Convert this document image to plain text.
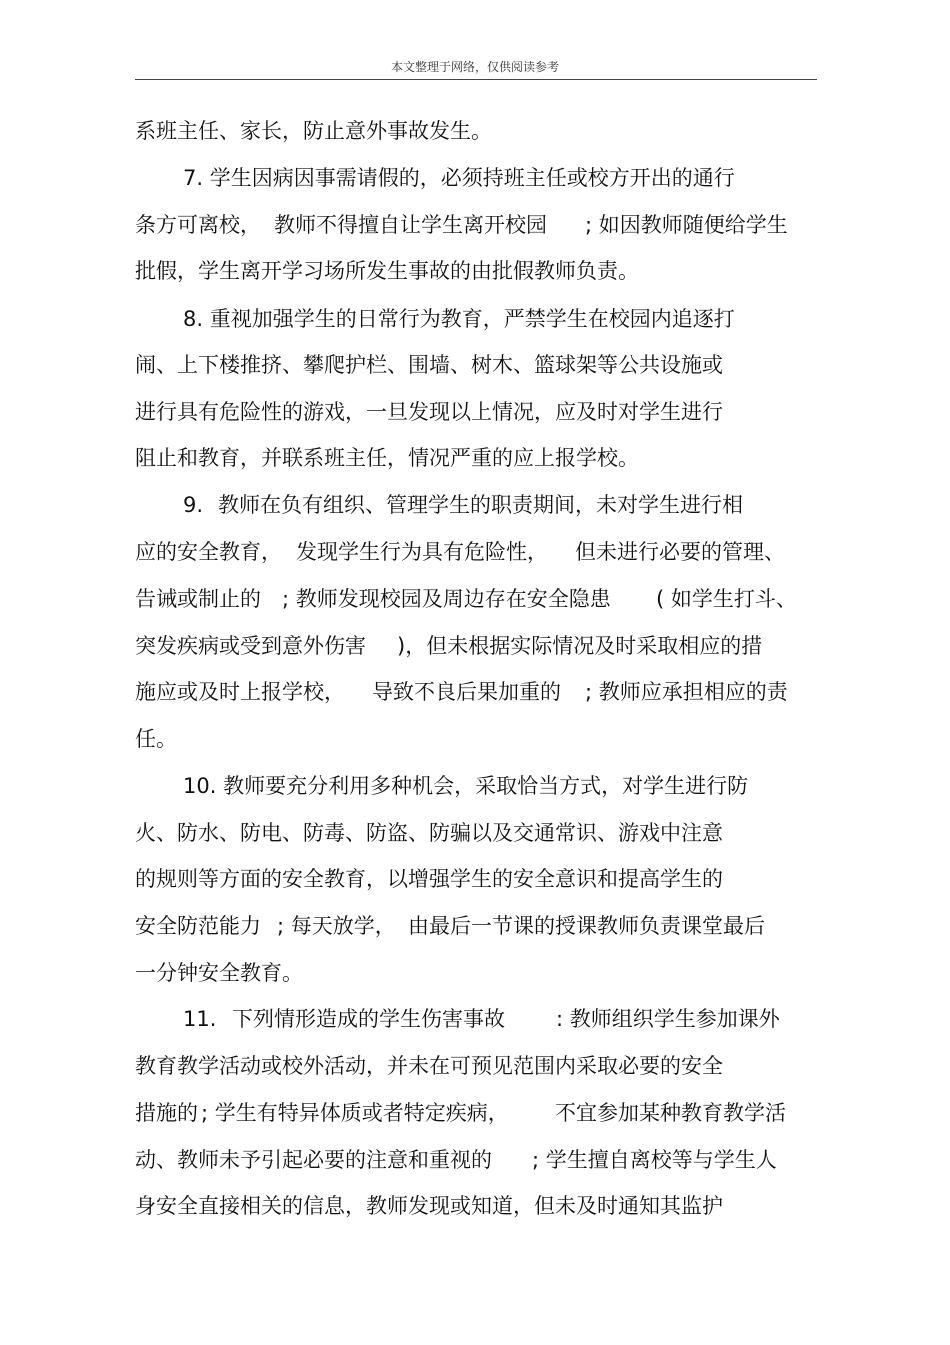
本文整理于网络，仅供阅读参考
系班主任、家长，防止意外事故发生。
7. 学生因病因事需请假的，必须持班主任或校方开出的通行
条方可离校， 教师不得擅自让学生离开校园 ; 如因教师随便给学生
批假，学生离开学习场所发生事故的由批假教师负责。
8. 重视加强学生的日常行为教育，严禁学生在校园内追逐打
闹、上下楼推挤、攀爬护栏、围墙、树木、篮球架等公共设施或
进行具有危险性的游戏，一旦发现以上情况，应及时对学生进行
阻止和教育，并联系班主任，情况严重的应上报学校。
9. 教师在负有组织、管理学生的职责期间，未对学生进行相
应的安全教育， 发现学生行为具有危险性， 但未进行必要的管理、
告诫或制止的 ; 教师发现校园及周边存在安全隐患 ( 如学生打斗、
突发疾病或受到意外伤害 )，但未根据实际情况及时采取相应的措
施应或及时上报学校， 导致不良后果加重的 ; 教师应承担相应的责
任。
10. 教师要充分利用多种机会，采取恰当方式，对学生进行防
火、防水、防电、防毒、防盗、防骗以及交通常识、游戏中注意
的规则等方面的安全教育，以增强学生的安全意识和提高学生的
安全防范能力 ; 每天放学， 由最后一节课的授课教师负责课堂最后
一分钟安全教育。
11. 下列情形造成的学生伤害事故 : 教师组织学生参加课外
教育教学活动或校外活动，并未在可预见范围内采取必要的安全
措施的 ; 学生有特异体质或者特定疾病， 不宜参加某种教育教学活
动、教师未予引起必要的注意和重视的 ; 学生擅自离校等与学生人
身安全直接相关的信息，教师发现或知道，但未及时通知其监护
